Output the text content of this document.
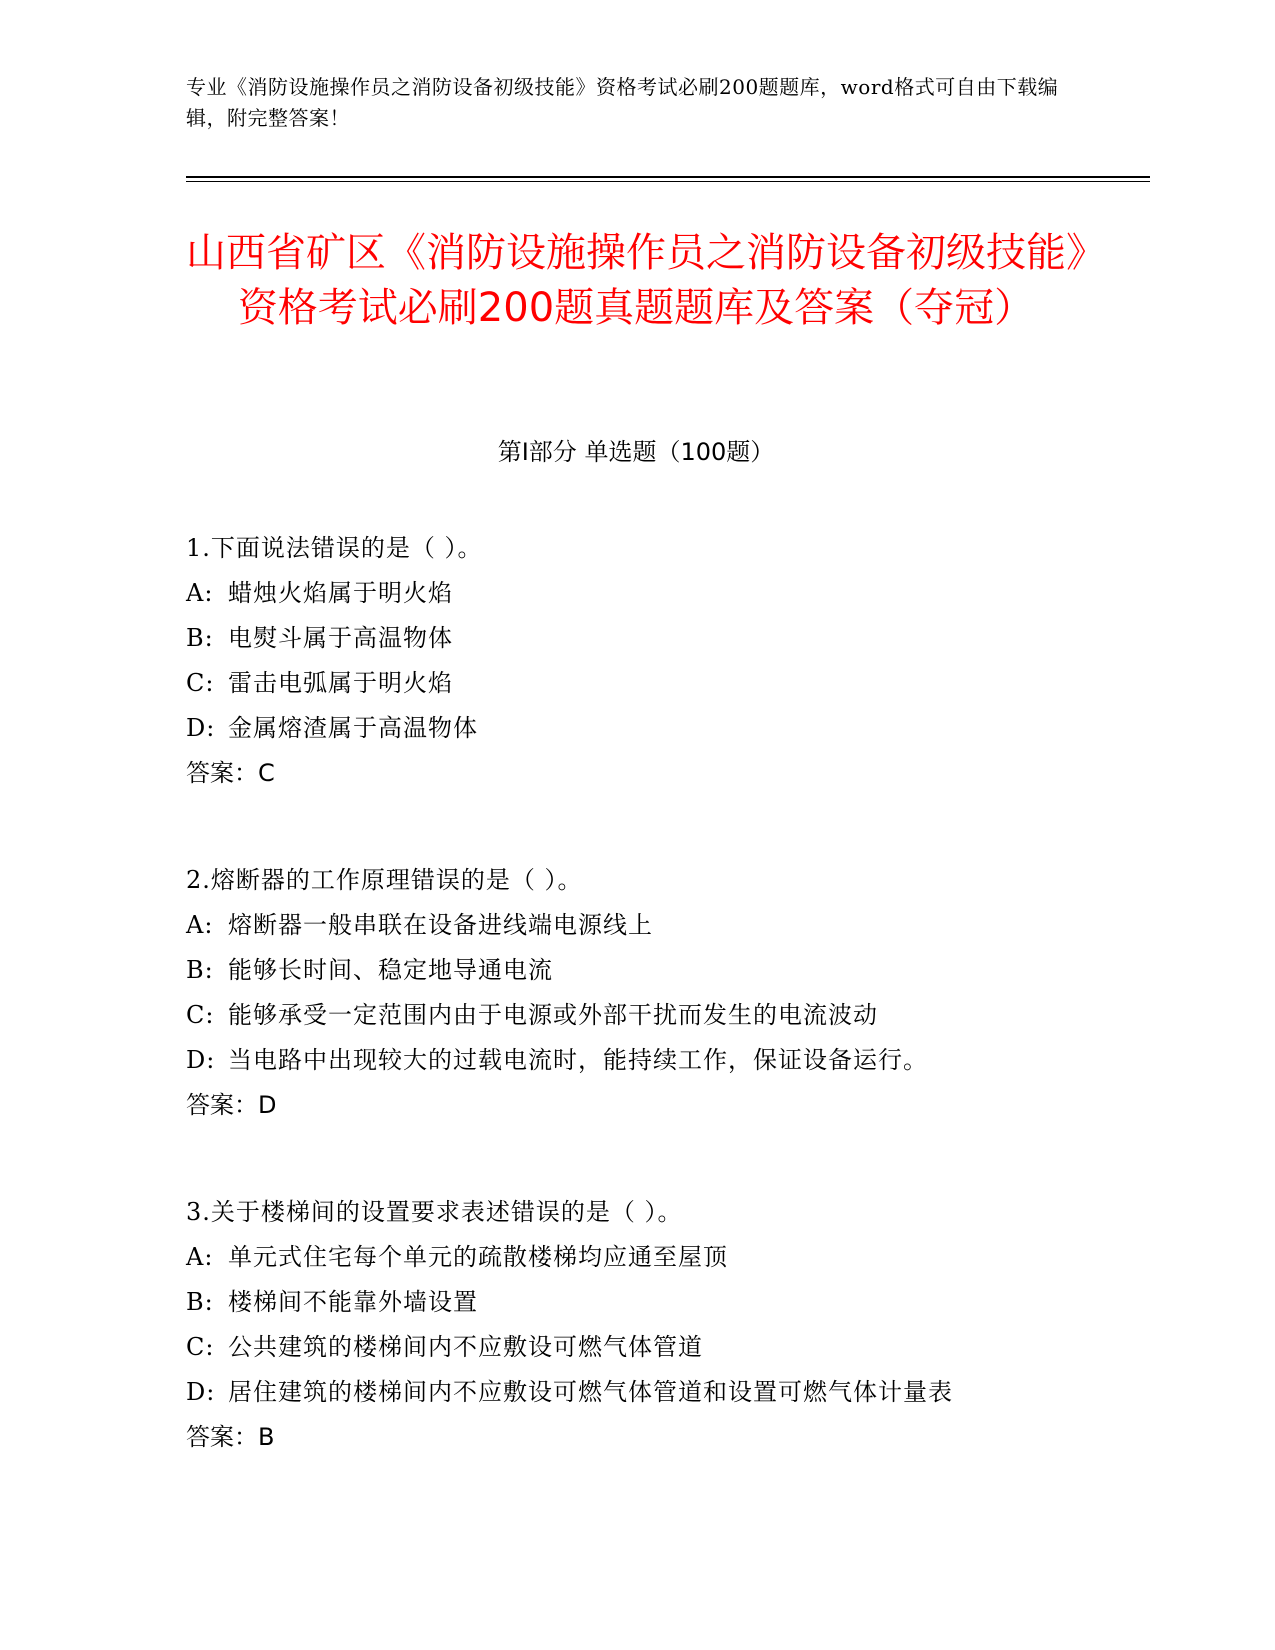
专业《消防设施操作员之消防设备初级技能》资格考试必刷200题题库，word格式可自由下载编辑，附完整答案！

山西省矿区《消防设施操作员之消防设备初级技能》资格考试必刷200题真题题库及答案（夺冠）
第I部分 单选题（100题）
1.下面说法错误的是（ ）。
A: 蜡烛火焰属于明火焰
B: 电熨斗属于高温物体
C: 雷击电弧属于明火焰
D: 金属熔渣属于高温物体
答案：C
2.熔断器的工作原理错误的是（ ）。
A: 熔断器一般串联在设备进线端电源线上
B: 能够长时间、稳定地导通电流
C: 能够承受一定范围内由于电源或外部干扰而发生的电流波动
D: 当电路中出现较大的过载电流时，能持续工作，保证设备运行。
答案：D
3.关于楼梯间的设置要求表述错误的是（ ）。
A: 单元式住宅每个单元的疏散楼梯均应通至屋顶
B: 楼梯间不能靠外墙设置
C: 公共建筑的楼梯间内不应敷设可燃气体管道
D: 居住建筑的楼梯间内不应敷设可燃气体管道和设置可燃气体计量表
答案：B
